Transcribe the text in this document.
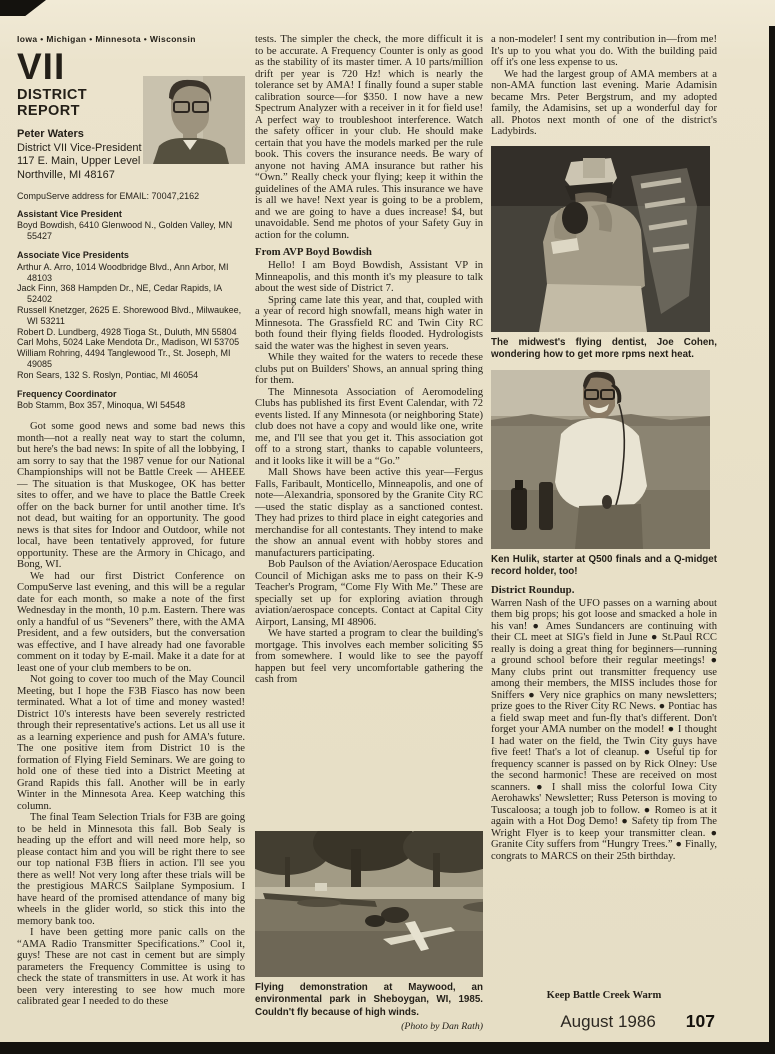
Iowa • Michigan • Minnesota • Wisconsin
VII
DISTRICT REPORT
Peter Waters
District VII Vice-President
117 E. Main, Upper Level
Northville, MI 48167
CompuServe address for EMAIL: 70047,2162
Assistant Vice President
Boyd Bowdish, 6410 Glenwood N., Golden Valley, MN 55427
Associate Vice Presidents
Arthur A. Arro, 1014 Woodbridge Blvd., Ann Arbor, MI 48103
Jack Finn, 368 Hampden Dr., NE, Cedar Rapids, IA 52402
Russell Knetzger, 2625 E. Shorewood Blvd., Milwaukee, WI 53211
Robert D. Lundberg, 4928 Tioga St., Duluth, MN 55804
Carl Mohs, 5024 Lake Mendota Dr., Madison, WI 53705
William Rohring, 4494 Tanglewood Tr., St. Joseph, MI 49085
Ron Sears, 132 S. Roslyn, Pontiac, MI 46054
Frequency Coordinator
Bob Stamm, Box 357, Minoqua, WI 54548

Got some good news and some bad news this month—not a really neat way to start the column, but here's the bad news: In spite of all the lobbying, I am sorry to say that the 1987 venue for our National Championships will not be Battle Creek — AHEEE— The situation is that Muskogee, OK has better sites to offer, and we have to place the Battle Creek offer on the back burner for until another time. It's not dead, but waiting for an opportunity. The good news is that sites for Indoor and Outdoor, while not local, have been tentatively approved, for future opportunity. These are the Armory in Chicago, and Bong, WI.

We had our first District Conference on CompuServe last evening, and this will be a regular date for each month, so make a note of the first Wednesday in the month, 10 p.m. Eastern. There was only a handful of us “Seveners” there, with the AMA President, and a few outsiders, but the conversation was effective, and I have already had one favorable comment on it today by E-mail. Make it a date for at least one of your club members to be on.

Not going to cover too much of the May Council Meeting, but I hope the F3B Fiasco has now been terminated. What a lot of time and money wasted! District 10's interests have been severely restricted through their representative's actions. Let us all use it as a learning experience and push for AMA's future. The one positive item from District 10 is the formation of Flying Field Seminars. We are going to hold one of these tied into a District Meeting at Grand Rapids this fall. Another will be in early Winter in the Minnesota Area. Keep watching this column.

The final Team Selection Trials for F3B are going to be held in Minnesota this fall. Bob Sealy is heading up the effort and will need more help, so please contact him and you will be right there to see our top national F3B fliers in action. I'll see you there as well! Not very long after these trials will be the prestigious MARCS Sailplane Symposium. I have heard of the promised attendance of many big wheels in the glider world, so stick this into the memory bank too.

I have been getting more panic calls on the “AMA Radio Transmitter Specifications.” Cool it, guys! These are not cast in cement but are simply parameters the Frequency Committee is using to check the state of transmitters in use. At work it has been very interesting to see how much more calibrated gear I needed to do these

tests. The simpler the check, the more difficult it is to be accurate. A Frequency Counter is only as good as the stability of its master timer. A 10 parts/million drift per year is 720 Hz! which is nearly the tolerance set by AMA! I finally found a super stable calibration source—for $350. I now have a new Spectrum Analyzer with a receiver in it for field use! A perfect way to troubleshoot interference. Watch the safety officer in your club. He should make certain that you have the models marked per the rule book. This covers the insurance needs. Be wary of anyone not having AMA insurance but rather his “Own.” Really check your flying; keep it within the guidelines of the AMA rules. This insurance we have is all we have! Next year is going to be a problem, and we are going to have a dues increase! $4, but unavoidable. Send me photos of your Safety Guy in action for the column.

From AVP Boyd Bowdish

Hello! I am Boyd Bowdish, Assistant VP in Minneapolis, and this month it's my pleasure to talk about the west side of District 7.

Spring came late this year, and that, coupled with a year of record high snowfall, means high water in Minnesota. The Grassfield RC and Twin City RC both found their flying fields flooded. Hydrologists said the water was the highest in seven years.

While they waited for the waters to recede these clubs put on Builders' Shows, an annual spring thing for them.

The Minnesota Association of Aeromodeling Clubs has published its first Event Calendar, with 72 events listed. If any Minnesota (or neighboring State) club does not have a copy and would like one, write me, and I'll see that you get it. This association got off to a strong start, thanks to capable volunteers, and it looks like it will be a “Go.”

Mall Shows have been active this year—Fergus Falls, Faribault, Monticello, Minneapolis, and one of note—Alexandria, sponsored by the Granite City RC—used the static display as a sanctioned contest. They had prizes to third place in eight categories and merchandise for all contestants. They intend to make the show an annual event with hobby stores and manufacturers participating.

Bob Paulson of the Aviation/Aerospace Education Council of Michigan asks me to pass on their K-9 Teacher's Program, “Come Fly With Me.” These are specially set up for exploring aviation through aviation/aerospace concepts. Contact at Capital City Airport, Lansing, MI 48906.

We have started a program to clear the building's mortgage. This involves each member soliciting $5 from somewhere. I would like to see the payoff happen but feel very uncomfortable gathering the cash from

Flying demonstration at Maywood, an environmental park in Sheboygan, WI, 1985. Couldn't fly because of high winds.
(Photo by Dan Rath)

a non-modeler! I sent my contribution in—from me! It's up to you what you do. With the building paid off it's one less expense to us.

We had the largest group of AMA members at a non-AMA function last evening. Marie Adamisin became Mrs. Peter Bergstrum, and my adopted family, the Adamisins, set up a wonderful day for all. Photos next month of one of the district's Ladybirds.

The midwest's flying dentist, Joe Cohen, wondering how to get more rpms next heat.
Ken Hulik, starter at Q500 finals and a Q-midget record holder, too!
District Roundup.

Warren Nash of the UFO passes on a warning about them big props; his got loose and smacked a hole in his van! ● Ames Sundancers are continuing with their CL meet at SIG's field in June ● St.Paul RCC really is doing a great thing for beginners—running a ground school before their regular meetings! ● Many clubs print out transmitter frequency use among their members, the MISS includes those for Sniffers ● Very nice graphics on many newsletters; prize goes to the River City RC News. ● Pontiac has a field swap meet and fun-fly that's different. Don't forget your AMA number on the model! ● I thought I had water on the field, the Twin City guys have five feet! That's a lot of cleanup. ● Useful tip for frequency scanner is passed on by Rick Olney: Use the second harmonic! These are received on most scanners. ● I shall miss the colorful Iowa City Aerohawks' Newsletter; Russ Peterson is moving to Tuscaloosa; a tough job to follow. ● Romeo is at it again with a Hot Dog Demo! ● Safety tip from The Wright Flyer is to keep your transmitter clean. ● Granite City suffers from “Hungry Trees.” ● Finally, congrats to MARCS on their 25th birthday.

Keep Battle Creek Warm
August 1986 107
